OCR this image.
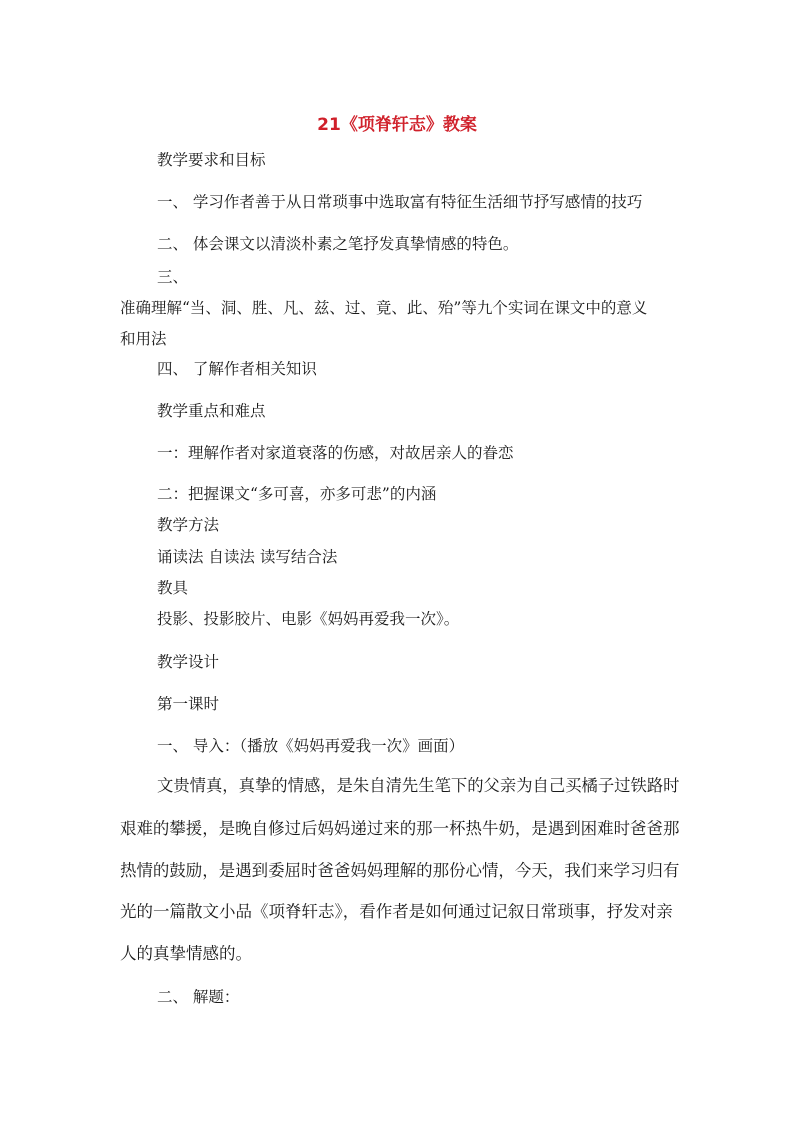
21《项脊轩志》教案
教学要求和目标
一、 学习作者善于从日常琐事中选取富有特征生活细节抒写感情的技巧
二、 体会课文以清淡朴素之笔抒发真挚情感的特色。
三、
准确理解“当、洞、胜、凡、兹、过、竟、此、殆”等九个实词在课文中的意义
和用法
四、 了解作者相关知识
教学重点和难点
一：理解作者对家道衰落的伤感，对故居亲人的眷恋
二：把握课文“多可喜，亦多可悲”的内涵
教学方法
诵读法 自读法 读写结合法
教具
投影、投影胶片、电影《妈妈再爱我一次》。
教学设计
第一课时
一、 导入：（播放《妈妈再爱我一次》画面）
文贵情真，真挚的情感，是朱自清先生笔下的父亲为自己买橘子过铁路时
艰难的攀援，是晚自修过后妈妈递过来的那一杯热牛奶，是遇到困难时爸爸那
热情的鼓励，是遇到委屈时爸爸妈妈理解的那份心情，今天，我们来学习归有
光的一篇散文小品《项脊轩志》，看作者是如何通过记叙日常琐事，抒发对亲
人的真挚情感的。
二、 解题：
